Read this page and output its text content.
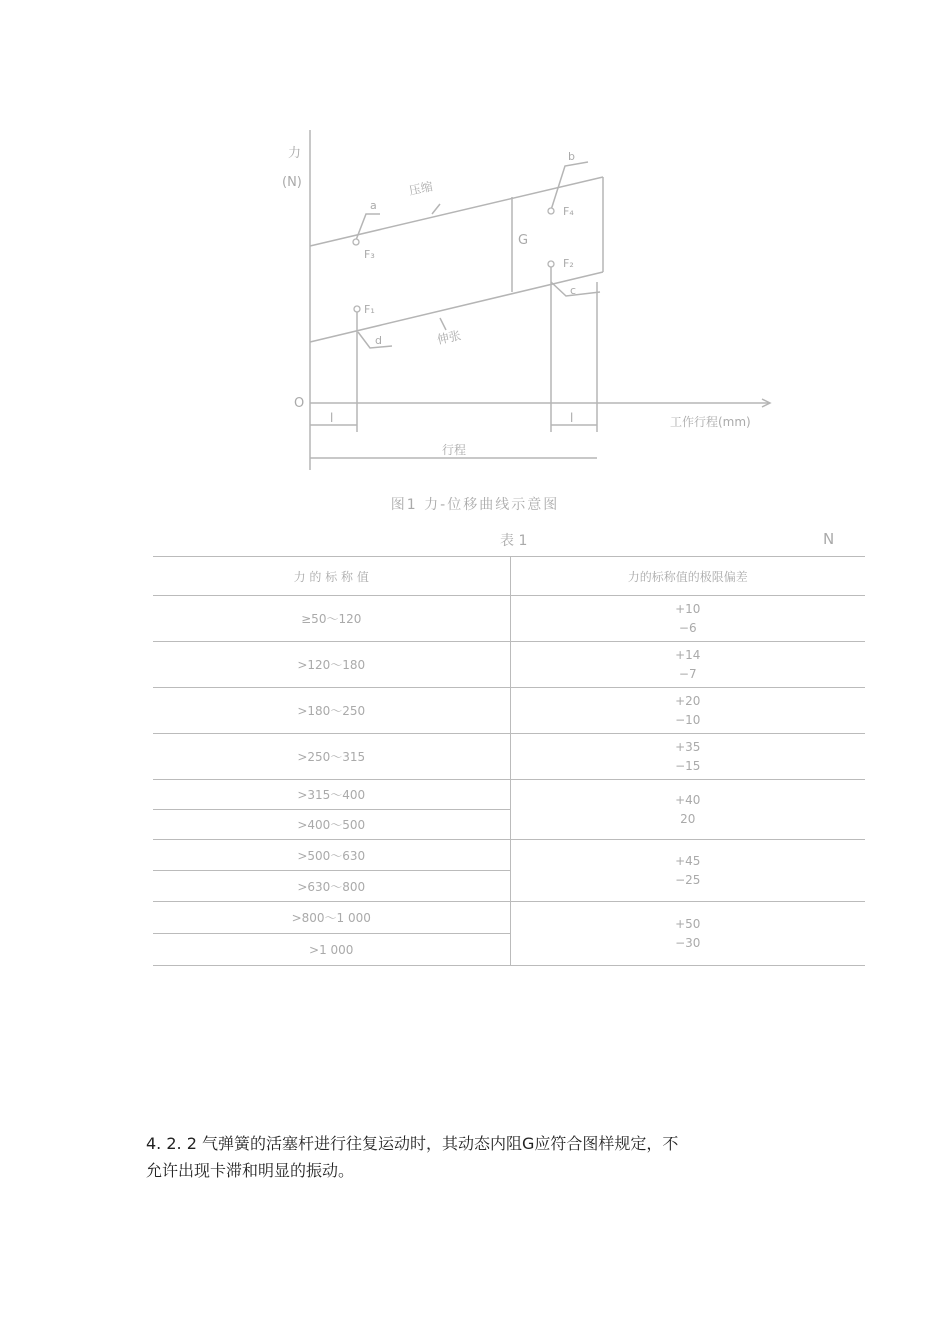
力
(N)
O
工作行程(mm)
压缩
伸张
G
F₁
F₂
F₃
F₄
a
b
c
d
l	l
行程
图1 力-位移曲线示意图
表 1	N
力 的 标 称 值	力的标称值的极限偏差
≥50～120	+10
−6

>120～180	+14
−7

>180～250	+20
−10

>250～315	+35
−15

>315～400	+40
20

>400～500	
>500～630	+45
−25

>630～800	
>800～1 000	+50
−30

>1 000	
4. 2. 2 气弹簧的活塞杆进行往复运动时，其动态内阻G应符合图样规定，不
允许出现卡滞和明显的振动。
